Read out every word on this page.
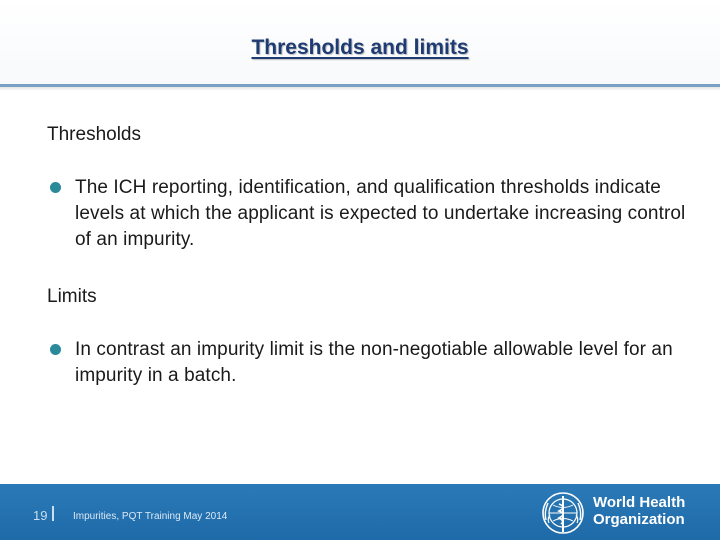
Thresholds and limits
Thresholds
The ICH reporting, identification, and qualification thresholds indicate levels at which the applicant is expected to undertake increasing control of an impurity.
Limits
In contrast an impurity limit is the non-negotiable allowable level for an impurity in a batch.
19	Impurities, PQT Training May 2014
World Health
Organization
